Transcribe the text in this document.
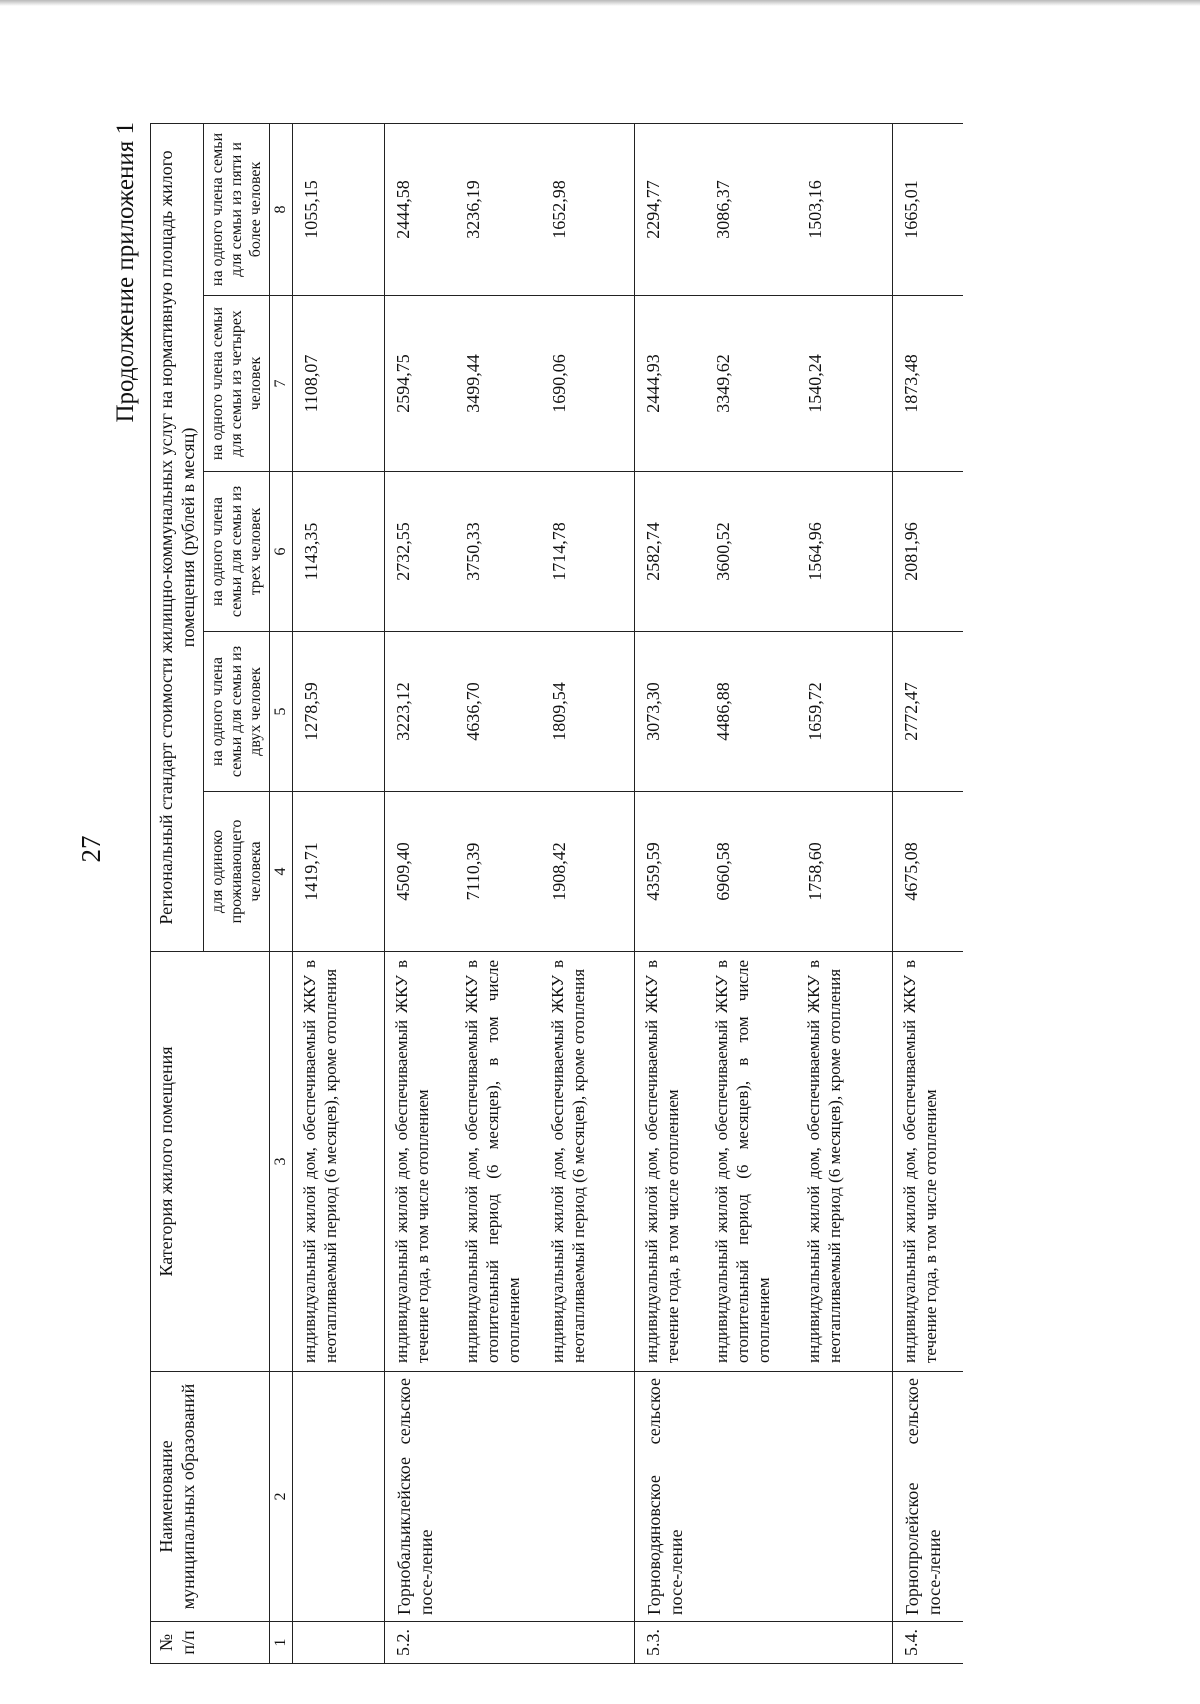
27
Продолжение приложения 1
№ п/п	Наименование муниципальных образований	Категория жилого помещения	Региональный стандарт стоимости жилищно-коммунальных услуг на нормативную площадь жилого помещения (рублей в месяц)				
			для одиноко проживающего человека	на одного члена семьи для семьи из двух человек	на одного члена семьи для семьи из трех человек	на одного члена семьи для семьи из четырех человек	на одного члена семьи для семьи из пяти и более человек
1	2	3	4	5	6	7	8
		индивидуальный жилой дом, обеспечиваемый ЖКУ в неотапливаемый период (6 месяцев), кроме отопления	1419,71	1278,59	1143,35	1108,07	1055,15
5.2.	Горнобальиклейское сельское посе-ление	индивидуальный жилой дом, обеспечиваемый ЖКУ в течение года, в том числе отоплением	4509,40	3223,12	2732,55	2594,75	2444,58
		индивидуальный жилой дом, обеспечиваемый ЖКУ в отопительный период (6 месяцев), в том числе отоплением	7110,39	4636,70	3750,33	3499,44	3236,19
		индивидуальный жилой дом, обеспечиваемый ЖКУ в неотапливаемый период (6 месяцев), кроме отопления	1908,42	1809,54	1714,78	1690,06	1652,98
5.3.	Горноводяновское сельское посе-ление	индивидуальный жилой дом, обеспечиваемый ЖКУ в течение года, в том числе отоплением	4359,59	3073,30	2582,74	2444,93	2294,77
		индивидуальный жилой дом, обеспечиваемый ЖКУ в отопительный период (6 месяцев), в том числе отоплением	6960,58	4486,88	3600,52	3349,62	3086,37
		индивидуальный жилой дом, обеспечиваемый ЖКУ в неотапливаемый период (6 месяцев), кроме отопления	1758,60	1659,72	1564,96	1540,24	1503,16
5.4.	Горнопролейское сельское посе-ление	индивидуальный жилой дом, обеспечиваемый ЖКУ в течение года, в том числе отоплением	4675,08	2772,47	2081,96	1873,48	1665,01
